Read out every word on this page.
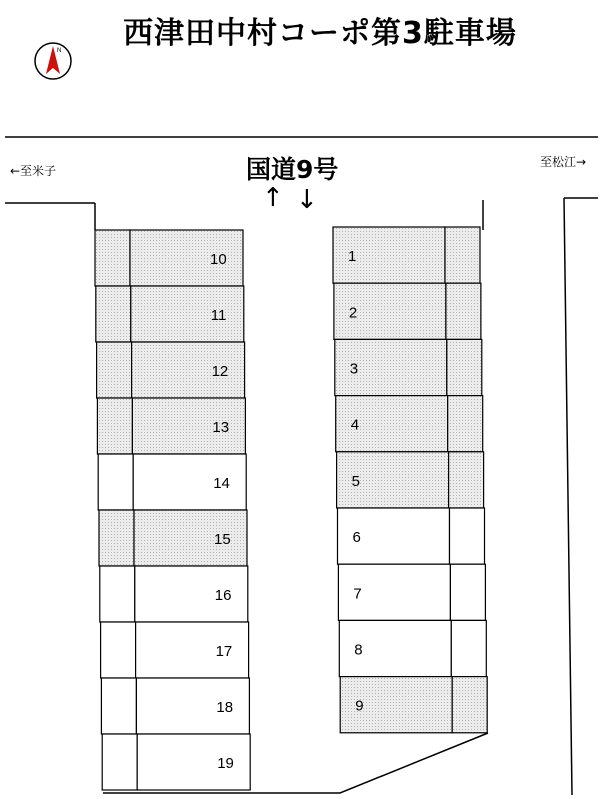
西津田中村コーポ第3駐車場
N
10
11
12
13
14
15
16
17
18
19
1
2
3
4
5
6
7
8
9
←至米子
至松江→
国道9号
↑ ↓
